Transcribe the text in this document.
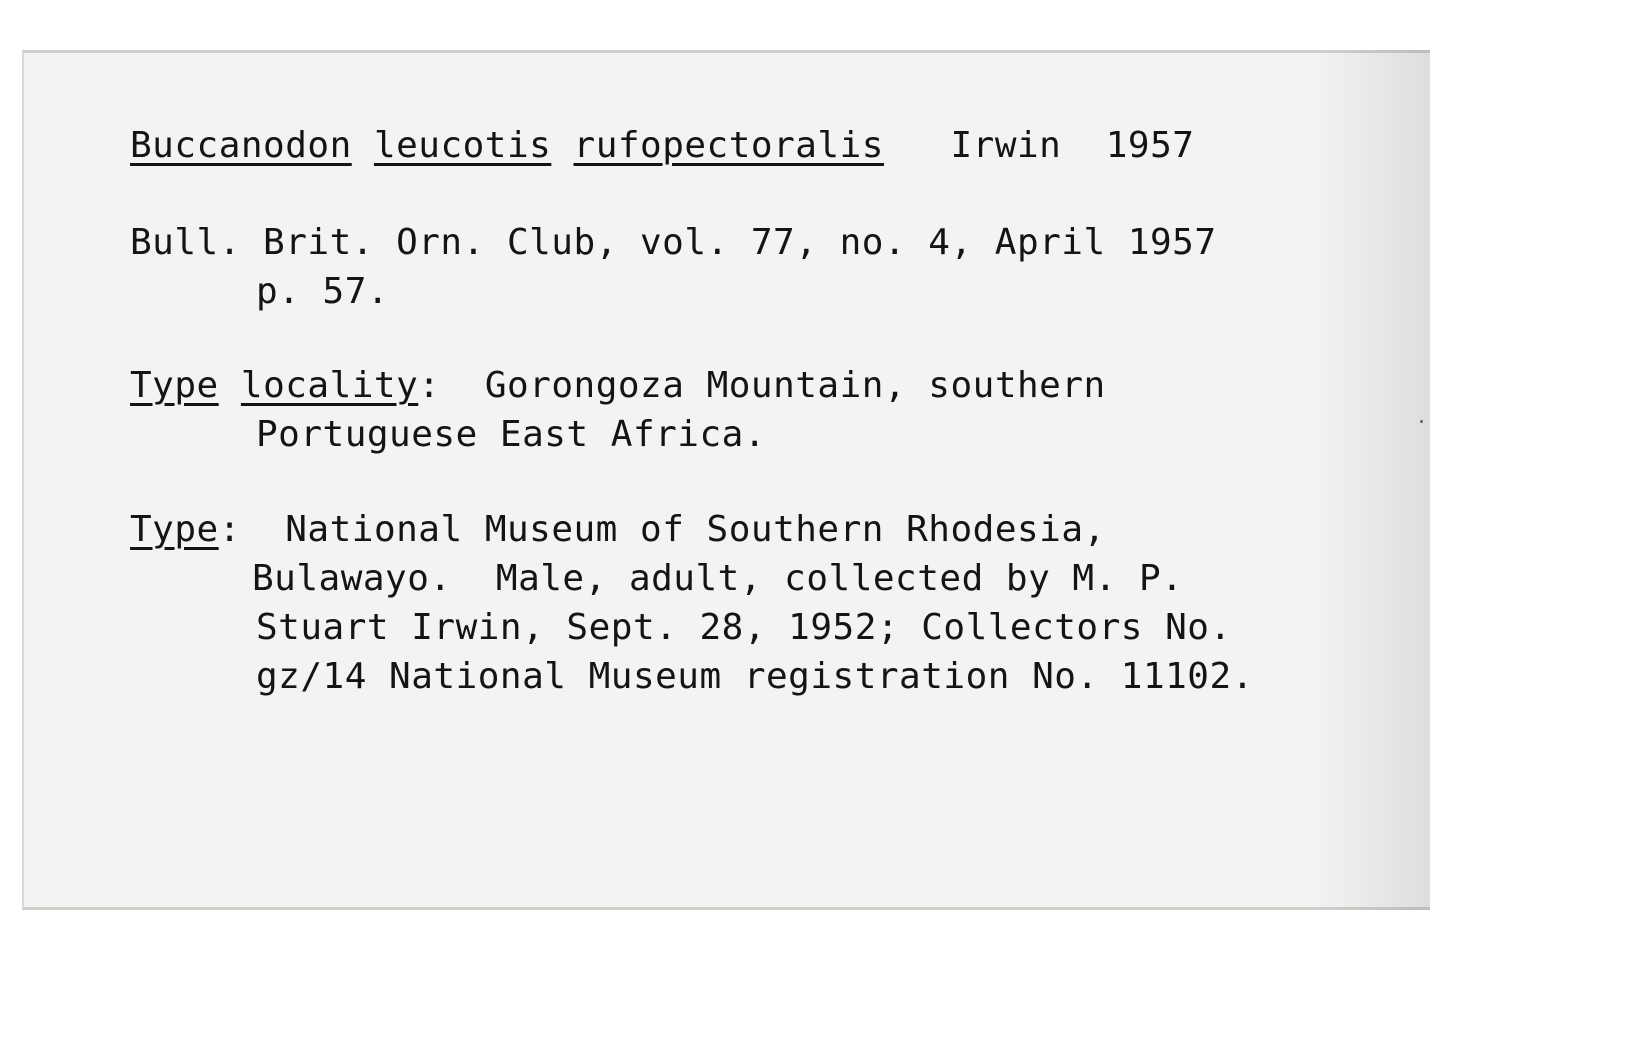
Buccanodon leucotis rufopectoralis Irwin 1957
Bull. Brit. Orn. Club, vol. 77, no. 4, April 1957
p. 57.
Type locality: Gorongoza Mountain, southern
Portuguese East Africa.
Type: National Museum of Southern Rhodesia,
Bulawayo.  Male, adult, collected by M. P.
Stuart Irwin, Sept. 28, 1952; Collectors No.
gz/14 National Museum registration No. 11102.
